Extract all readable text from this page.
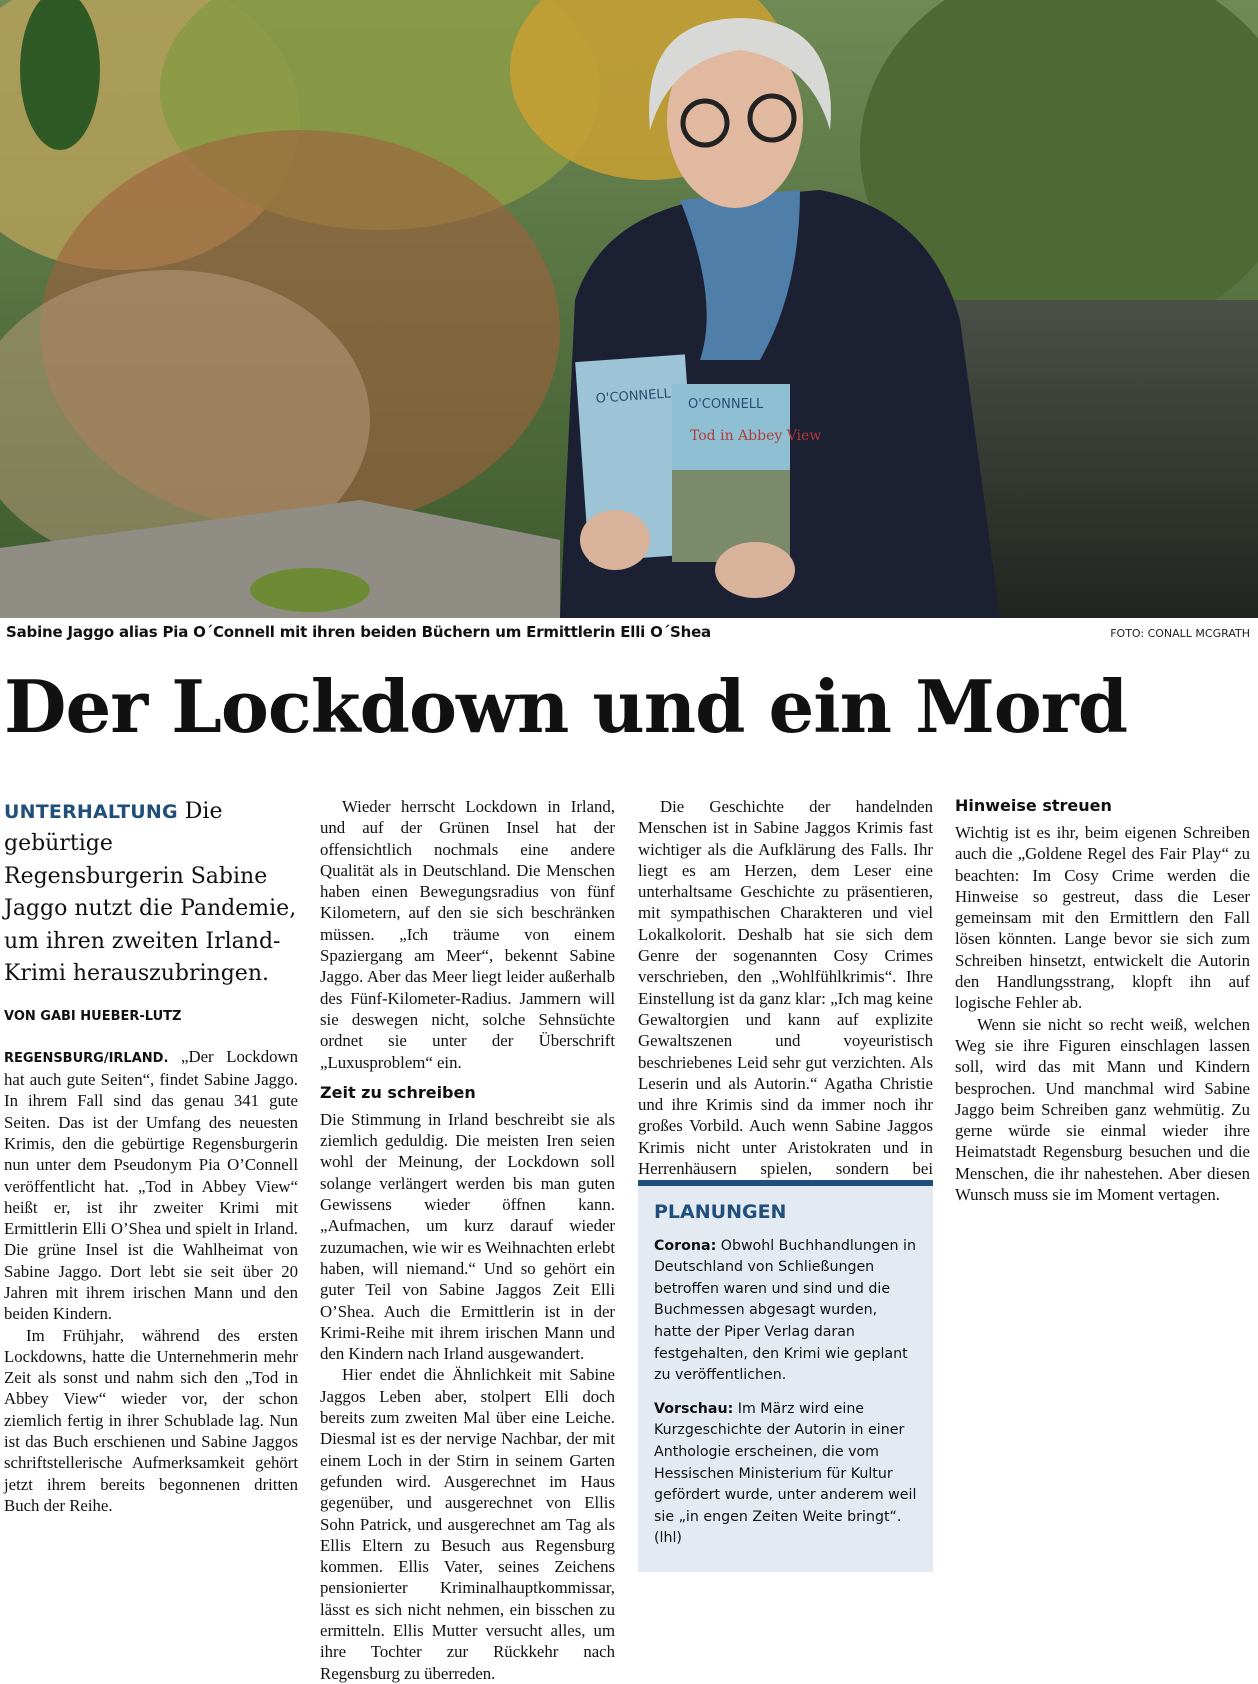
O'CONNELL O'CONNELL
Tod in Abbey View
Sabine Jaggo alias Pia O´Connell mit ihren beiden Büchern um Ermittlerin Elli O´Shea	FOTO: CONALL MCGRATH
Der Lockdown und ein Mord

UNTERHALTUNG Die gebürtige Regensburgerin Sabine Jaggo nutzt die Pandemie, um ihren zweiten Irland-Krimi herauszubringen.

VON GABI HUEBER-LUTZ

REGENSBURG/IRLAND. „Der Lockdown hat auch gute Seiten“, findet Sabine Jaggo. In ihrem Fall sind das genau 341 gute Seiten. Das ist der Umfang des neuesten Krimis, den die gebürtige Regensburgerin nun unter dem Pseudonym Pia O’Connell veröffentlicht hat. „Tod in Abbey View“ heißt er, ist ihr zweiter Krimi mit Ermittlerin Elli O’Shea und spielt in Irland. Die grüne Insel ist die Wahlheimat von Sabine Jaggo. Dort lebt sie seit über 20 Jahren mit ihrem irischen Mann und den beiden Kindern.

Im Frühjahr, während des ersten Lockdowns, hatte die Unternehmerin mehr Zeit als sonst und nahm sich den „Tod in Abbey View“ wieder vor, der schon ziemlich fertig in ihrer Schublade lag. Nun ist das Buch erschienen und Sabine Jaggos schriftstellerische Aufmerksamkeit gehört jetzt ihrem bereits begonnenen dritten Buch der Reihe.

Wieder herrscht Lockdown in Irland, und auf der Grünen Insel hat der offensichtlich nochmals eine andere Qualität als in Deutschland. Die Menschen haben einen Bewegungsradius von fünf Kilometern, auf den sie sich beschränken müssen. „Ich träume von einem Spaziergang am Meer“, bekennt Sabine Jaggo. Aber das Meer liegt leider außerhalb des Fünf-Kilometer-Radius. Jammern will sie deswegen nicht, solche Sehnsüchte ordnet sie unter der Überschrift „Luxusproblem“ ein.

Zeit zu schreiben

Die Stimmung in Irland beschreibt sie als ziemlich geduldig. Die meisten Iren seien wohl der Meinung, der Lockdown soll solange verlängert werden bis man guten Gewissens wieder öffnen kann. „Aufmachen, um kurz darauf wieder zuzumachen, wie wir es Weihnachten erlebt haben, will niemand.“ Und so gehört ein guter Teil von Sabine Jaggos Zeit Elli O’Shea. Auch die Ermittlerin ist in der Krimi-Reihe mit ihrem irischen Mann und den Kindern nach Irland ausgewandert.

Hier endet die Ähnlichkeit mit Sabine Jaggos Leben aber, stolpert Elli doch bereits zum zweiten Mal über eine Leiche. Diesmal ist es der nervige Nachbar, der mit einem Loch in der Stirn in seinem Garten gefunden wird. Ausgerechnet im Haus gegenüber, und ausgerechnet von Ellis Sohn Patrick, und ausgerechnet am Tag als Ellis Eltern zu Besuch aus Regensburg kommen. Ellis Vater, seines Zeichens pensionierter Kriminalhauptkommissar, lässt es sich nicht nehmen, ein bisschen zu ermitteln. Ellis Mutter versucht alles, um ihre Tochter zur Rückkehr nach Regensburg zu überreden.

Die Geschichte der handelnden Menschen ist in Sabine Jaggos Krimis fast wichtiger als die Aufklärung des Falls. Ihr liegt es am Herzen, dem Leser eine unterhaltsame Geschichte zu präsentieren, mit sympathischen Charakteren und viel Lokalkolorit. Deshalb hat sie sich dem Genre der sogenannten Cosy Crimes verschrieben, den „Wohlfühlkrimis“. Ihre Einstellung ist da ganz klar: „Ich mag keine Gewaltorgien und kann auf explizite Gewaltszenen und voyeuristisch beschriebenes Leid sehr gut verzichten. Als Leserin und als Autorin.“ Agatha Christie und ihre Krimis sind da immer noch ihr großes Vorbild. Auch wenn Sabine Jaggos Krimis nicht unter Aristokraten und in Herrenhäusern spielen, sondern bei

PLANUNGEN

Corona: Obwohl Buchhandlungen in Deutschland von Schließungen betroffen waren und sind und die Buchmessen abgesagt wurden, hatte der Piper Verlag daran festgehalten, den Krimi wie geplant zu veröffentlichen.

Vorschau: Im März wird eine Kurzgeschichte der Autorin in einer Anthologie erscheinen, die vom Hessischen Ministerium für Kultur gefördert wurde, unter anderem weil sie „in engen Zeiten Weite bringt“. (lhl)

Hinweise streuen

Wichtig ist es ihr, beim eigenen Schreiben auch die „Goldene Regel des Fair Play“ zu beachten: Im Cosy Crime werden die Hinweise so gestreut, dass die Leser gemeinsam mit den Ermittlern den Fall lösen könnten. Lange bevor sie sich zum Schreiben hinsetzt, entwickelt die Autorin den Handlungsstrang, klopft ihn auf logische Fehler ab.

Wenn sie nicht so recht weiß, welchen Weg sie ihre Figuren einschlagen lassen soll, wird das mit Mann und Kindern besprochen. Und manchmal wird Sabine Jaggo beim Schreiben ganz wehmütig. Zu gerne würde sie einmal wieder ihre Heimatstadt Regensburg besuchen und die Menschen, die ihr nahestehen. Aber diesen Wunsch muss sie im Moment vertagen.
